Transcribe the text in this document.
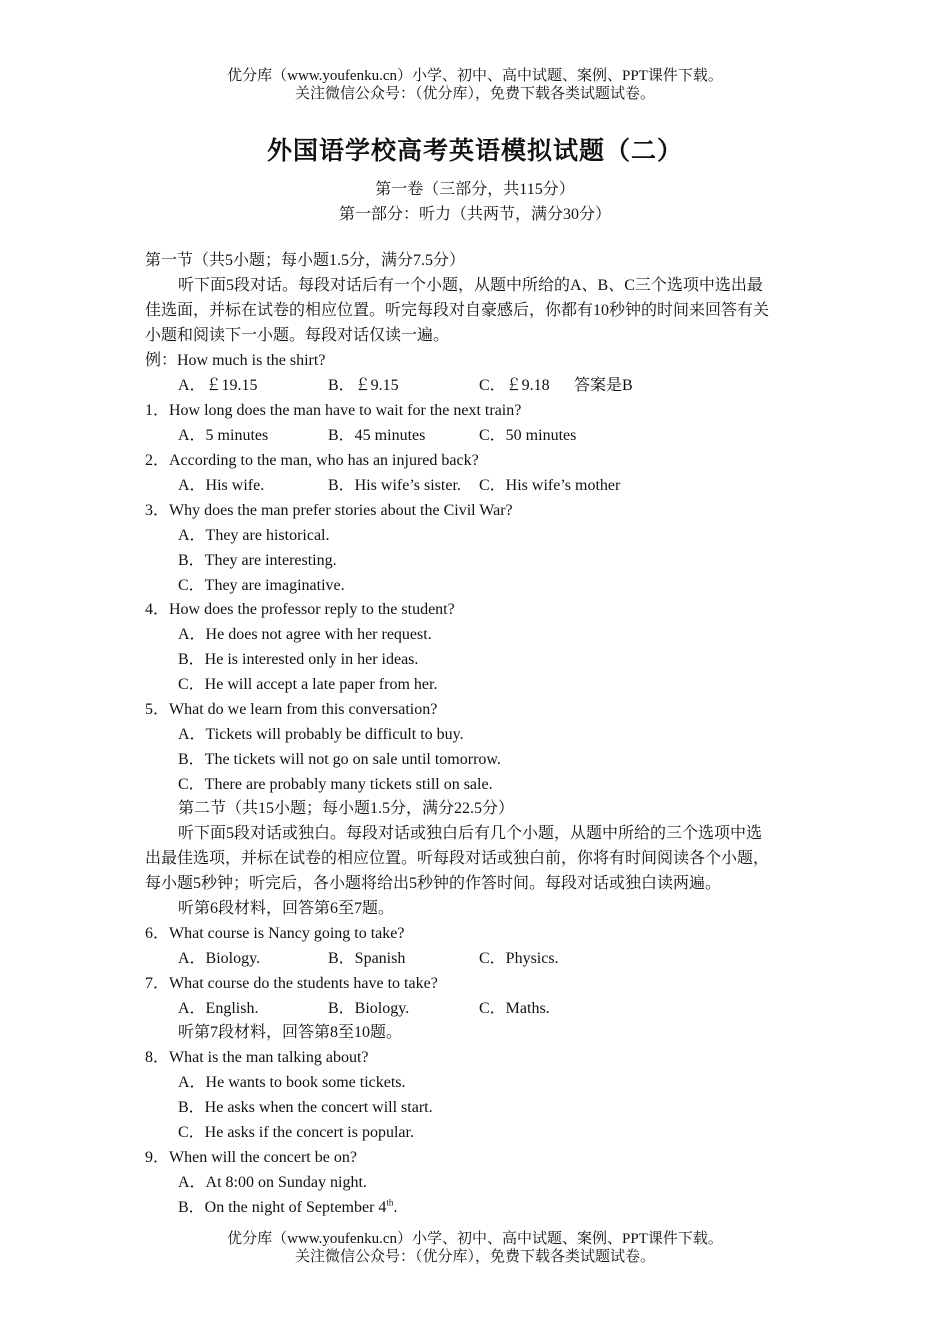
优分库（www.youfenku.cn）小学、初中、高中试题、案例、PPT课件下载。
关注微信公众号：（优分库），免费下载各类试题试卷。
外国语学校高考英语模拟试题（二）
第一卷（三部分，共115分）
第一部分：听力（共两节，满分30分）
第一节（共5小题；每小题1.5分，满分7.5分）
听下面5段对话。每段对话后有一个小题，从题中所给的A、B、C三个选项中选出最
佳选面，并标在试卷的相应位置。听完每段对自豪感后，你都有10秒钟的时间来回答有关
小题和阅读下一小题。每段对话仅读一遍。
例：How much is the shirt?
A．￡19.15	B．￡9.15	C．￡9.18 答案是B
1．How long does the man have to wait for the next train?
A．5 minutes	B．45 minutes	C．50 minutes
2．According to the man, who has an injured back?
A．His wife.	B．His wife’s sister. C．His wife’s mother
3．Why does the man prefer stories about the Civil War?
A．They are historical.
B．They are interesting.
C．They are imaginative.
4．How does the professor reply to the student?
A．He does not agree with her request.
B．He is interested only in her ideas.
C．He will accept a late paper from her.
5．What do we learn from this conversation?
A．Tickets will probably be difficult to buy.
B．The tickets will not go on sale until tomorrow.
C．There are probably many tickets still on sale.
第二节（共15小题；每小题1.5分，满分22.5分）
听下面5段对话或独白。每段对话或独白后有几个小题，从题中所给的三个选项中选
出最佳选项，并标在试卷的相应位置。听每段对话或独白前，你将有时间阅读各个小题，
每小题5秒钟；听完后，各小题将给出5秒钟的作答时间。每段对话或独白读两遍。
听第6段材料，回答第6至7题。
6．What course is Nancy going to take?
A．Biology.	B．Spanish	C．Physics.
7．What course do the students have to take?
A．English.	B．Biology.	C．Maths.
听第7段材料，回答第8至10题。
8．What is the man talking about?
A．He wants to book some tickets.
B．He asks when the concert will start.
C．He asks if the concert is popular.
9．When will the concert be on?
A．At 8:00 on Sunday night.
B．On the night of September 4th.
优分库（www.youfenku.cn）小学、初中、高中试题、案例、PPT课件下载。
关注微信公众号：（优分库），免费下载各类试题试卷。
